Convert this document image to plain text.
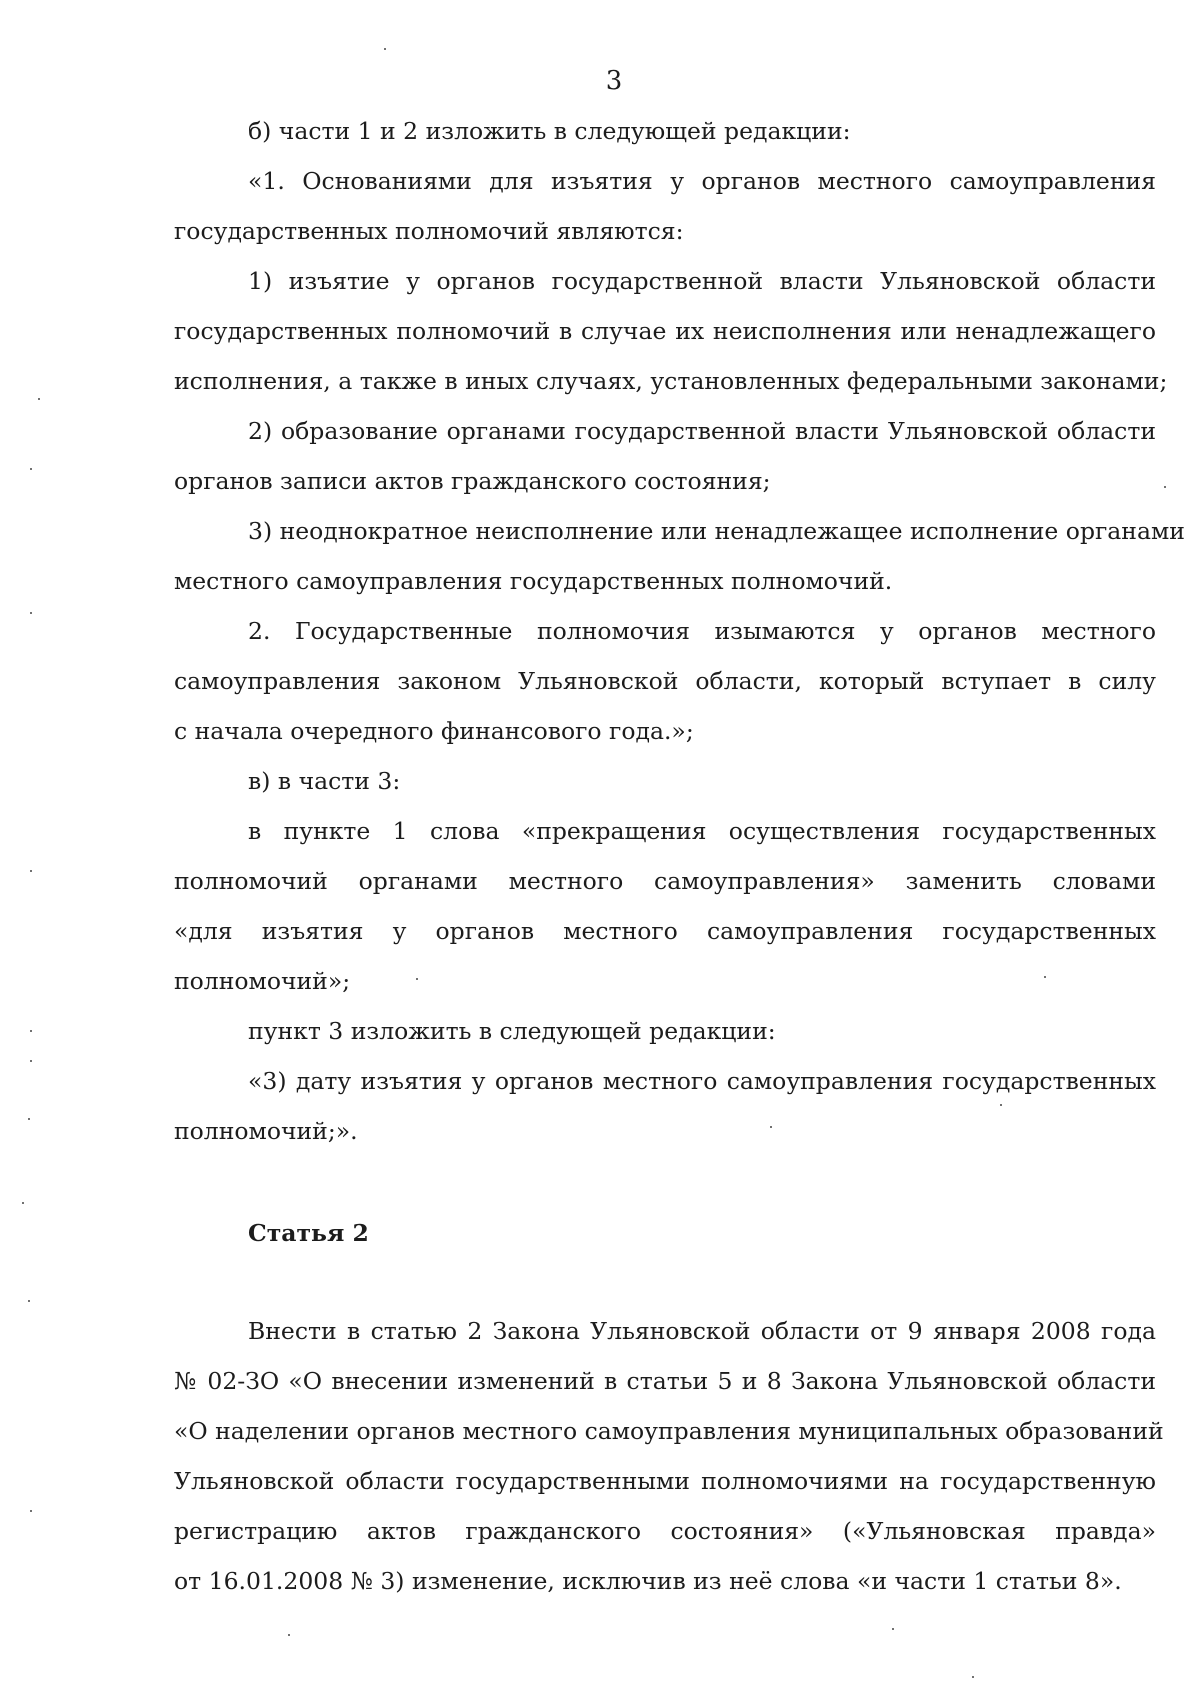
3
б) части 1 и 2 изложить в следующей редакции:
«1. Основаниями для изъятия у органов местного самоуправления
государственных полномочий являются:
1) изъятие у органов государственной власти Ульяновской области
государственных полномочий в случае их неисполнения или ненадлежащего
исполнения, а также в иных случаях, установленных федеральными законами;
2) образование органами государственной власти Ульяновской области
органов записи актов гражданского состояния;
3) неоднократное неисполнение или ненадлежащее исполнение органами
местного самоуправления государственных полномочий.
2. Государственные полномочия изымаются у органов местного
самоуправления законом Ульяновской области, который вступает в силу
с начала очередного финансового года.»;
в) в части 3:
в пункте 1 слова «прекращения осуществления государственных
полномочий органами местного самоуправления» заменить словами
«для изъятия у органов местного самоуправления государственных
полномочий»;
пункт 3 изложить в следующей редакции:
«3) дату изъятия у органов местного самоуправления государственных
полномочий;».
Статья 2
Внести в статью 2 Закона Ульяновской области от 9 января 2008 года
№ 02-ЗО «О внесении изменений в статьи 5 и 8 Закона Ульяновской области
«О наделении органов местного самоуправления муниципальных образований
Ульяновской области государственными полномочиями на государственную
регистрацию актов гражданского состояния» («Ульяновская правда»
от 16.01.2008 № 3) изменение, исключив из неё слова «и части 1 статьи 8».
